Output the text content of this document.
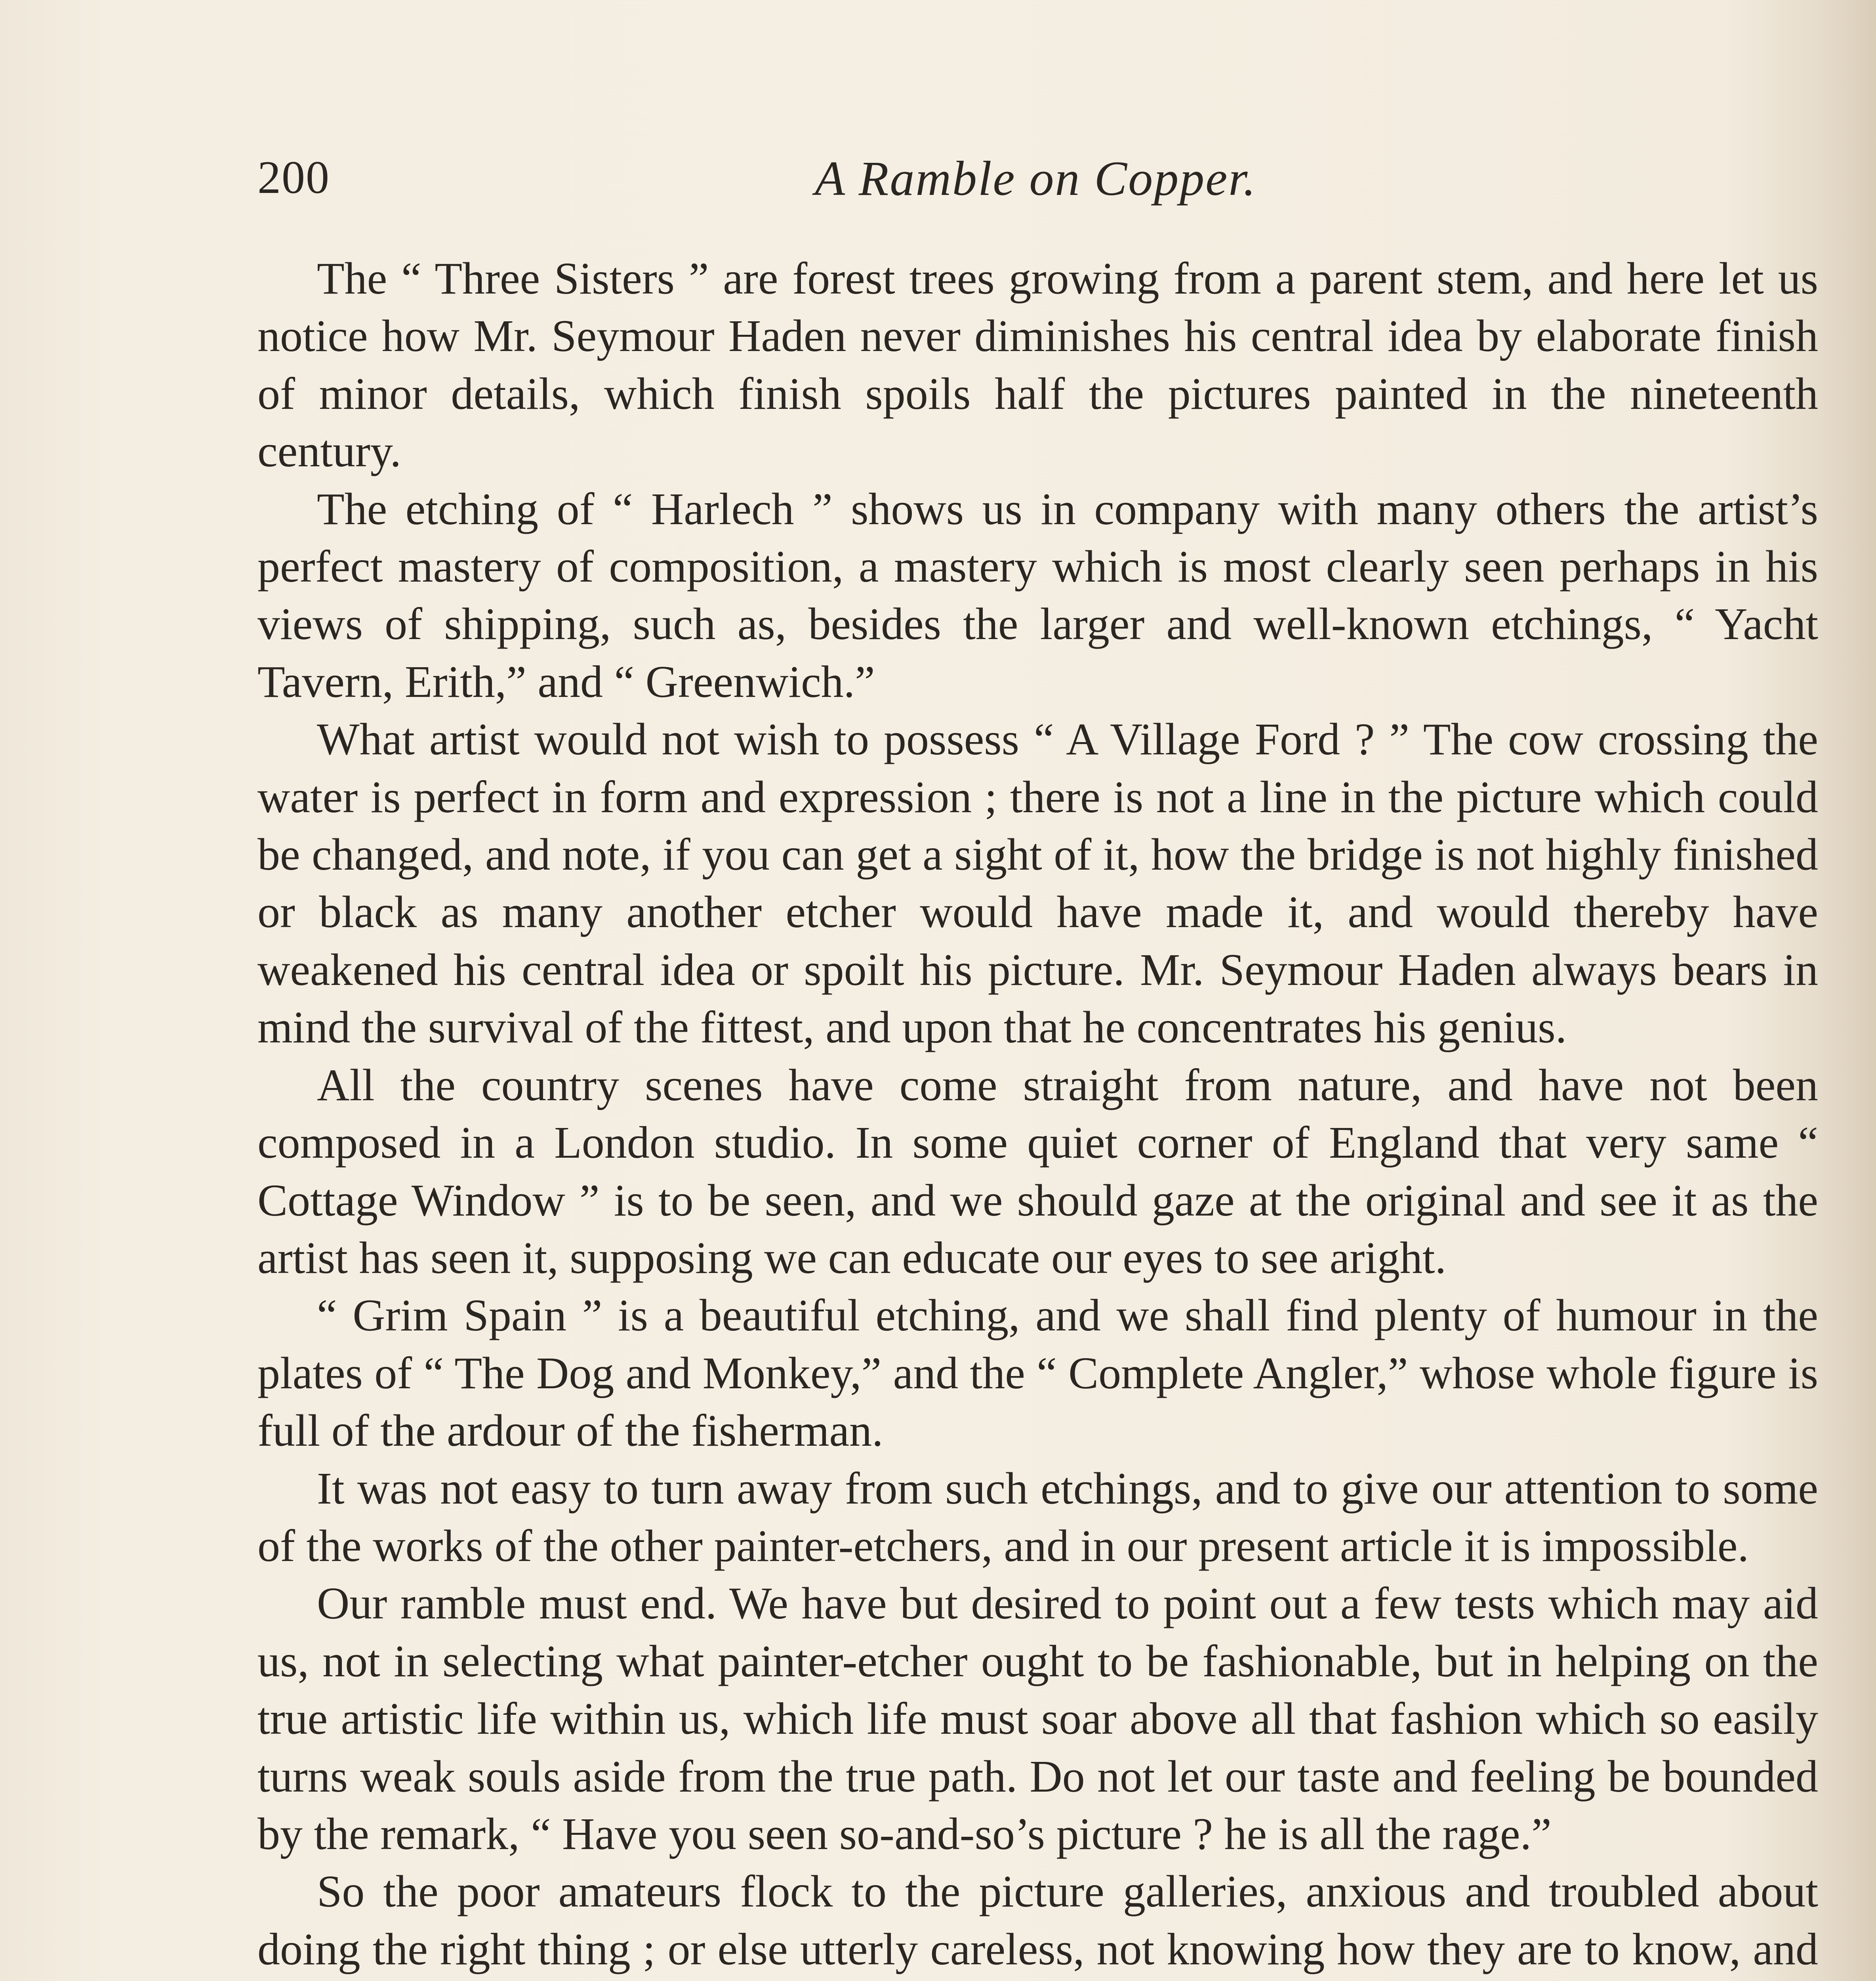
200	A Ramble on Copper.

The “ Three Sisters ” are forest trees growing from a parent stem, and here let us notice how Mr. Seymour Haden never diminishes his central idea by elaborate finish of minor details, which finish spoils half the pictures painted in the nineteenth century.

The etching of “ Harlech ” shows us in company with many others the artist’s perfect mastery of composition, a mastery which is most clearly seen perhaps in his views of shipping, such as, besides the larger and well-known etchings, “ Yacht Tavern, Erith,” and “ Greenwich.”

What artist would not wish to possess “ A Village Ford ? ” The cow crossing the water is perfect in form and expression ; there is not a line in the picture which could be changed, and note, if you can get a sight of it, how the bridge is not highly finished or black as many another etcher would have made it, and would thereby have weakened his central idea or spoilt his picture. Mr. Seymour Haden always bears in mind the survival of the fittest, and upon that he concentrates his genius.

All the country scenes have come straight from nature, and have not been composed in a London studio. In some quiet corner of England that very same “ Cottage Window ” is to be seen, and we should gaze at the original and see it as the artist has seen it, supposing we can educate our eyes to see aright.

“ Grim Spain ” is a beautiful etching, and we shall find plenty of humour in the plates of “ The Dog and Monkey,” and the “ Complete Angler,” whose whole figure is full of the ardour of the fisherman.

It was not easy to turn away from such etchings, and to give our attention to some of the works of the other painter-etchers, and in our present article it is impossible.

Our ramble must end. We have but desired to point out a few tests which may aid us, not in selecting what painter-etcher ought to be fashionable, but in helping on the true artistic life within us, which life must soar above all that fashion which so easily turns weak souls aside from the true path. Do not let our taste and feeling be bounded by the remark, “ Have you seen so-and-so’s picture ? he is all the rage.”

So the poor amateurs flock to the picture galleries, anxious and troubled about doing the right thing ; or else utterly careless, not knowing how they are to know, and
